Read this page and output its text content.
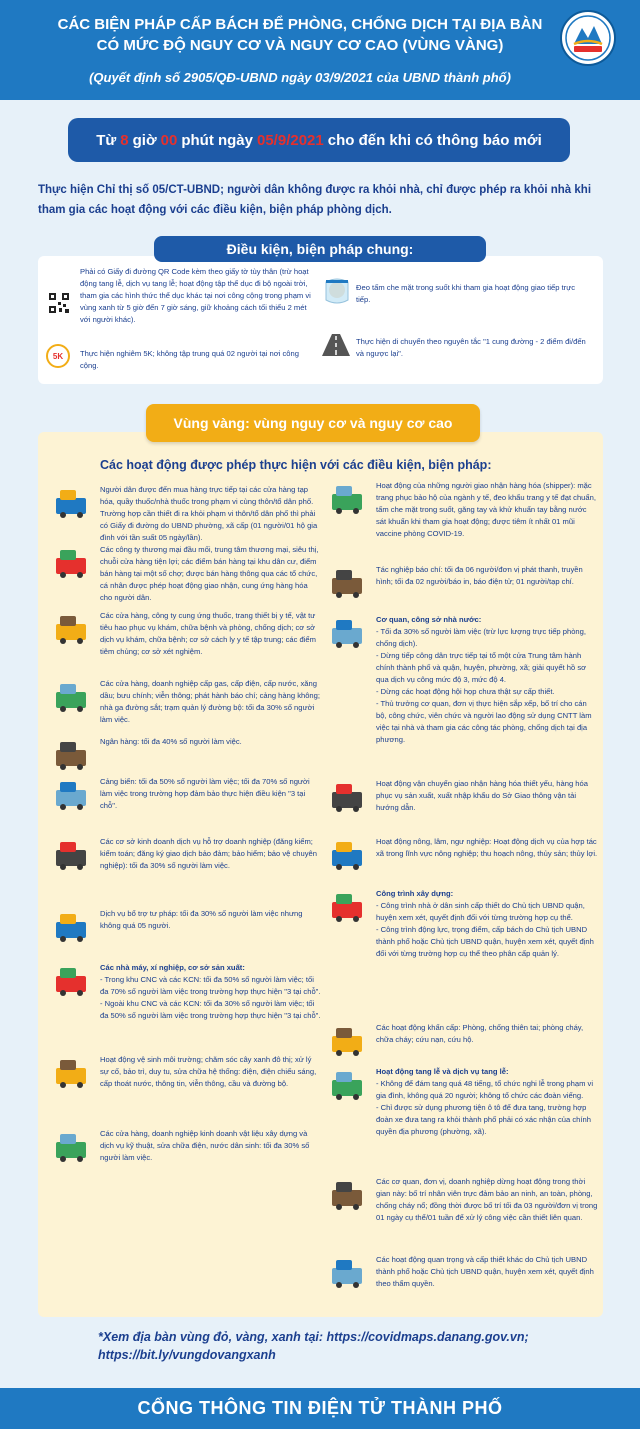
CÁC BIỆN PHÁP CẤP BÁCH ĐỂ PHÒNG, CHỐNG DỊCH TẠI ĐỊA BÀN
CÓ MỨC ĐỘ NGUY CƠ VÀ NGUY CƠ CAO (VÙNG VÀNG)
(Quyết định số 2905/QĐ-UBND ngày 03/9/2021 của UBND thành phố)
Từ 8 giờ 00 phút ngày 05/9/2021 cho đến khi có thông báo mới
Thực hiện Chỉ thị số 05/CT-UBND; người dân không được ra khỏi nhà, chỉ được phép ra khỏi nhà khi tham gia các hoạt động với các điều kiện, biện pháp phòng dịch.
Phải có Giấy đi đường QR Code kèm theo giấy tờ tùy thân (trừ hoạt động tang lễ, dịch vụ tang lễ; hoạt động tập thể dục đi bộ ngoài trời, tham gia các hình thức thể dục khác tại nơi công cộng trong phạm vi vùng xanh từ 5 giờ đến 7 giờ sáng, giữ khoảng cách tối thiểu 2 mét với người khác).
5K Thực hiện nghiêm 5K; không tập trung quá 02 người tại nơi công cộng.
Đeo tấm che mặt trong suốt khi tham gia hoạt động giao tiếp trực tiếp.
Thực hiện di chuyển theo nguyên tắc "1 cung đường - 2 điểm đi/đến và ngược lại".
Điều kiện, biện pháp chung:
Các hoạt động được phép thực hiện với các điều kiện, biện pháp:
Người dân được đến mua hàng trực tiếp tại các cửa hàng tạp hóa, quầy thuốc/nhà thuốc trong phạm vi cùng thôn/tổ dân phố. Trường hợp cần thiết đi ra khỏi phạm vi thôn/tổ dân phố thì phải có Giấy đi đường do UBND phường, xã cấp (01 người/01 hộ gia đình với tần suất 05 ngày/lần).
Các công ty thương mại đầu mối, trung tâm thương mại, siêu thị, chuỗi cửa hàng tiện lợi; các điểm bán hàng tại khu dân cư, điểm bán hàng tại một số chợ; được bán hàng thông qua các tổ chức, cá nhân được phép hoạt động giao nhận, cung ứng hàng hóa cho người dân.
Các cửa hàng, công ty cung ứng thuốc, trang thiết bị y tế, vật tư tiêu hao phục vụ khám, chữa bệnh và phòng, chống dịch; cơ sở dịch vụ khám, chữa bệnh; cơ sở cách ly y tế tập trung; các điểm tiêm chủng; cơ sở xét nghiệm.
Các cửa hàng, doanh nghiệp cấp gas, cấp điện, cấp nước, xăng dầu; bưu chính; viễn thông; phát hành báo chí; cảng hàng không; nhà ga đường sắt; trạm quản lý đường bộ: tối đa 30% số người làm việc.
Ngân hàng: tối đa 40% số người làm việc.
Cảng biển: tối đa 50% số người làm việc; tối đa 70% số người làm việc trong trường hợp đảm bảo thực hiện điều kiện "3 tại chỗ".
Các cơ sở kinh doanh dịch vụ hỗ trợ doanh nghiệp (đăng kiểm; kiểm toán; đăng ký giao dịch bảo đảm; bảo hiểm; bảo vệ chuyên nghiệp): tối đa 30% số người làm việc.
Dịch vụ bổ trợ tư pháp: tối đa 30% số người làm việc nhưng không quá 05 người.
Các nhà máy, xí nghiệp, cơ sở sản xuất:
- Trong khu CNC và các KCN: tối đa 50% số người làm việc; tối đa 70% số người làm việc trong trường hợp thực hiện "3 tại chỗ".
- Ngoài khu CNC và các KCN: tối đa 30% số người làm việc; tối đa 50% số người làm việc trong trường hợp thực hiện "3 tại chỗ".
Hoạt động vệ sinh môi trường; chăm sóc cây xanh đô thị; xử lý sự cố, bảo trì, duy tu, sửa chữa hệ thống: điện, điện chiếu sáng, cấp thoát nước, thông tin, viễn thông, cầu và đường bộ.
Các cửa hàng, doanh nghiệp kinh doanh vật liệu xây dựng và dịch vụ kỹ thuật, sửa chữa điện, nước dân sinh: tối đa 30% số người làm việc.
Hoạt động của những người giao nhận hàng hóa (shipper): mặc trang phục bảo hộ của ngành y tế, đeo khẩu trang y tế đạt chuẩn, tấm che mặt trong suốt, găng tay và khử khuẩn tay bằng nước sát khuẩn khi tham gia hoạt động; được tiêm ít nhất 01 mũi vaccine phòng COVID-19.
Tác nghiệp báo chí: tối đa 06 người/đơn vị phát thanh, truyền hình; tối đa 02 người/báo in, báo điện tử; 01 người/tạp chí.
Cơ quan, công sở nhà nước:
- Tối đa 30% số người làm việc (trừ lực lượng trực tiếp phòng, chống dịch).
- Dừng tiếp công dân trực tiếp tại tổ một cửa Trung tâm hành chính thành phố và quận, huyện, phường, xã; giải quyết hồ sơ qua dịch vụ công mức độ 3, mức độ 4.
- Dừng các hoạt động hội họp chưa thật sự cấp thiết.
- Thủ trưởng cơ quan, đơn vị thực hiện sắp xếp, bố trí cho cán bộ, công chức, viên chức và người lao động sử dụng CNTT làm việc tại nhà và tham gia các công tác phòng, chống dịch tại địa phương.
Hoạt động vận chuyển giao nhận hàng hóa thiết yếu, hàng hóa phục vụ sản xuất, xuất nhập khẩu do Sở Giao thông vận tải hướng dẫn.
Hoạt động nông, lâm, ngư nghiệp: Hoạt động dịch vụ của hợp tác xã trong lĩnh vực nông nghiệp; thu hoạch nông, thủy sản; thủy lợi.
Công trình xây dựng:
- Công trình nhà ở dân sinh cấp thiết do Chủ tịch UBND quận, huyện xem xét, quyết định đối với từng trường hợp cụ thể.
- Công trình động lực, trọng điểm, cấp bách do Chủ tịch UBND thành phố hoặc Chủ tịch UBND quận, huyện xem xét, quyết định đối với từng trường hợp cụ thể theo phân cấp quản lý.
Các hoạt động khẩn cấp: Phòng, chống thiên tai; phòng cháy, chữa cháy; cứu nạn, cứu hộ.
Hoạt động tang lễ và dịch vụ tang lễ:
- Không để đám tang quá 48 tiếng, tổ chức nghi lễ trong phạm vi gia đình, không quá 20 người; không tổ chức các đoàn viếng.
- Chỉ được sử dụng phương tiện ô tô để đưa tang, trường hợp đoàn xe đưa tang ra khỏi thành phố phải có xác nhận của chính quyền địa phương (phường, xã).
Các cơ quan, đơn vị, doanh nghiệp dừng hoạt động trong thời gian này: bố trí nhân viên trực đảm bảo an ninh, an toàn, phòng, chống cháy nổ; đồng thời được bố trí tối đa 03 người/đơn vị trong 01 ngày cụ thể/01 tuần để xử lý công việc cần thiết liên quan.
Các hoạt động quan trọng và cấp thiết khác do Chủ tịch UBND thành phố hoặc Chủ tịch UBND quận, huyện xem xét, quyết định theo thẩm quyền.
Vùng vàng: vùng nguy cơ và nguy cơ cao
*Xem địa bàn vùng đỏ, vàng, xanh tại: https://covidmaps.danang.gov.vn;
https://bit.ly/vungdovangxanh
CỔNG THÔNG TIN ĐIỆN TỬ THÀNH PHỐ
